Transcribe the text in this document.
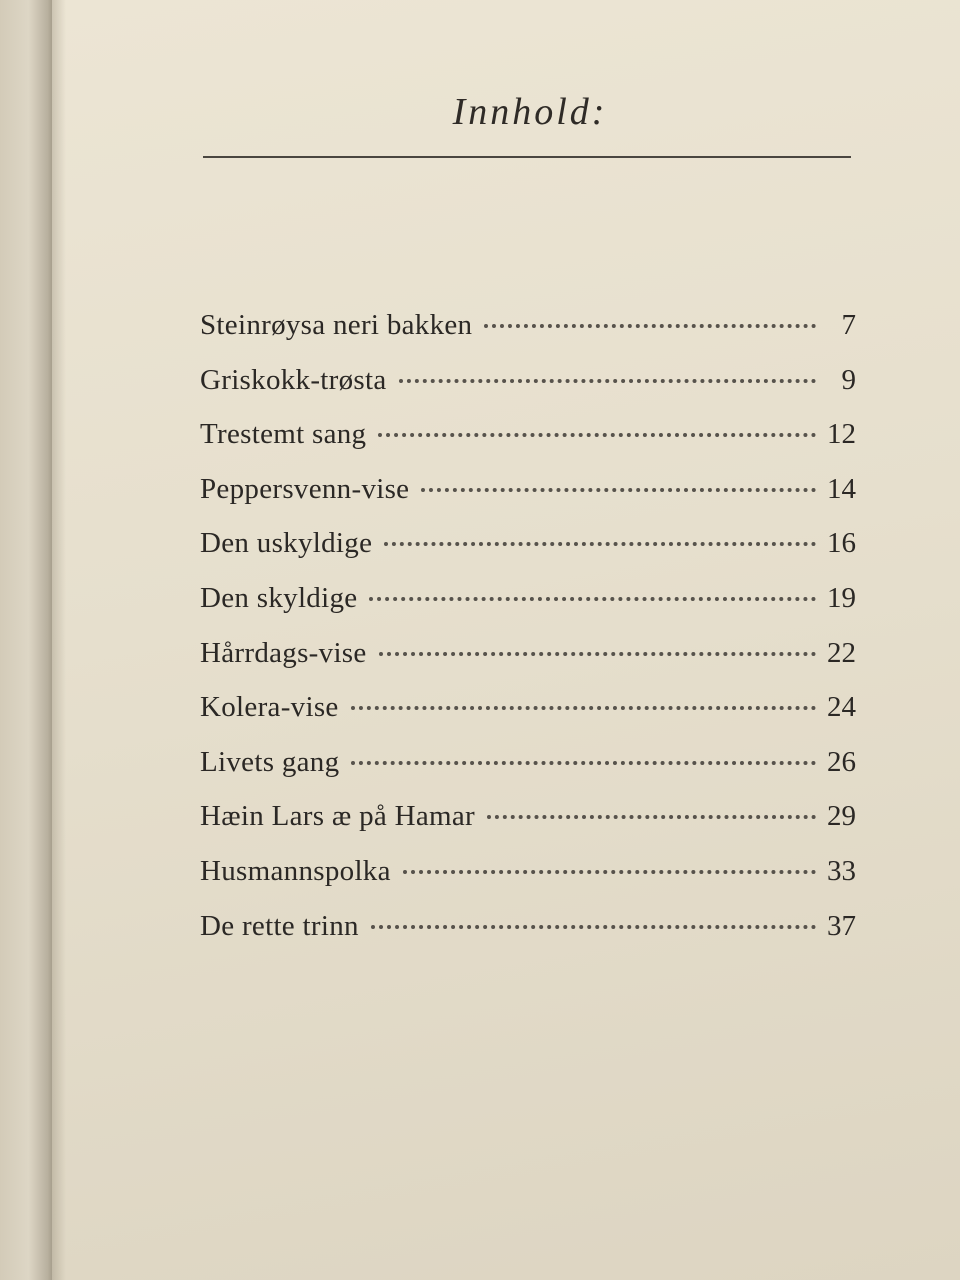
Innhold:
Steinrøysa neri bakken	7
Griskokk-trøsta	9
Trestemt sang	12
Peppersvenn-vise	14
Den uskyldige	16
Den skyldige	19
Hårrdags-vise	22
Kolera-vise	24
Livets gang	26
Hæin Lars æ på Hamar	29
Husmannspolka	33
De rette trinn	37
